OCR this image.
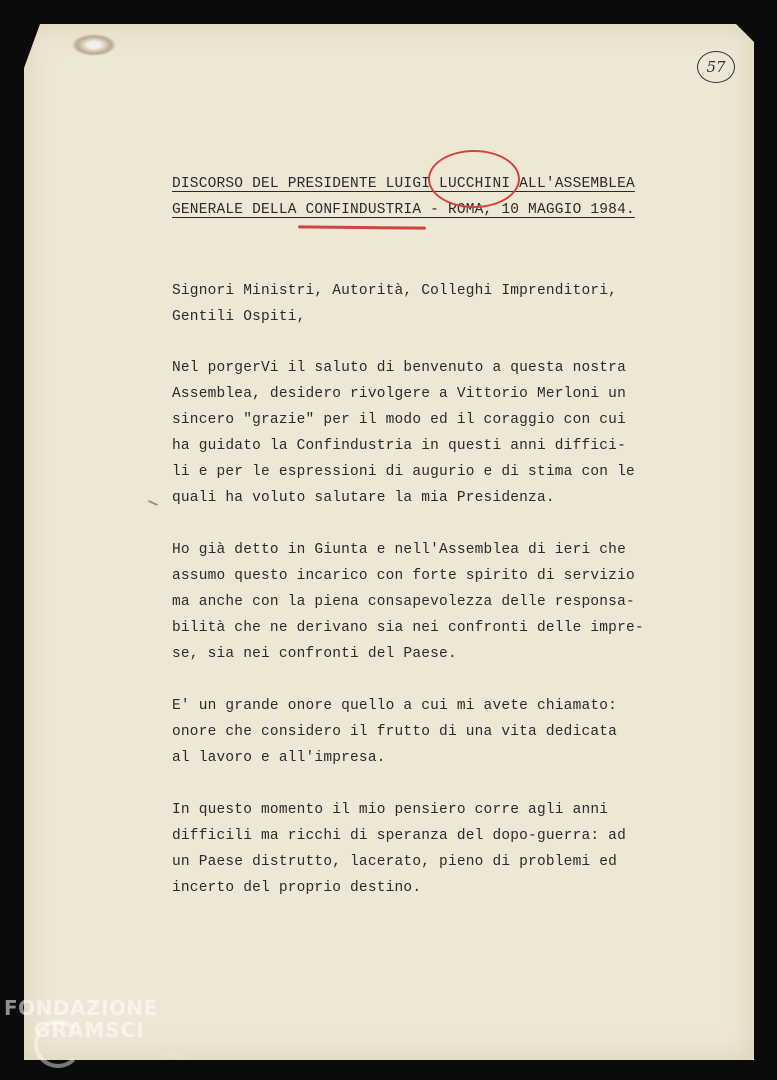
57
DISCORSO DEL PRESIDENTE LUIGI LUCCHINI ALL'ASSEMBLEA
GENERALE DELLA CONFINDUSTRIA - ROMA, 10 MAGGIO 1984.
Signori Ministri, Autorità, Colleghi Imprenditori,
Gentili Ospiti,
Nel porgerVi il saluto di benvenuto a questa nostra
Assemblea, desidero rivolgere a Vittorio Merloni un
sincero "grazie" per il modo ed il coraggio con cui
ha guidato la Confindustria in questi anni diffici-
li e per le espressioni di augurio e di stima con le
quali ha voluto salutare la mia Presidenza.
Ho già detto in Giunta e nell'Assemblea di ieri che
assumo questo incarico con forte spirito di servizio
ma anche con la piena consapevolezza delle responsa-
bilità che ne derivano sia nei confronti delle impre-
se, sia nei confronti del Paese.
E' un grande onore quello a cui mi avete chiamato:
onore che considero il frutto di una vita dedicata
al lavoro e all'impresa.
In questo momento il mio pensiero corre agli anni
difficili ma ricchi di speranza del dopo-guerra: ad
un Paese distrutto, lacerato, pieno di problemi ed
incerto del proprio destino.
FONDAZIONE
GRAMSCI
onlus
